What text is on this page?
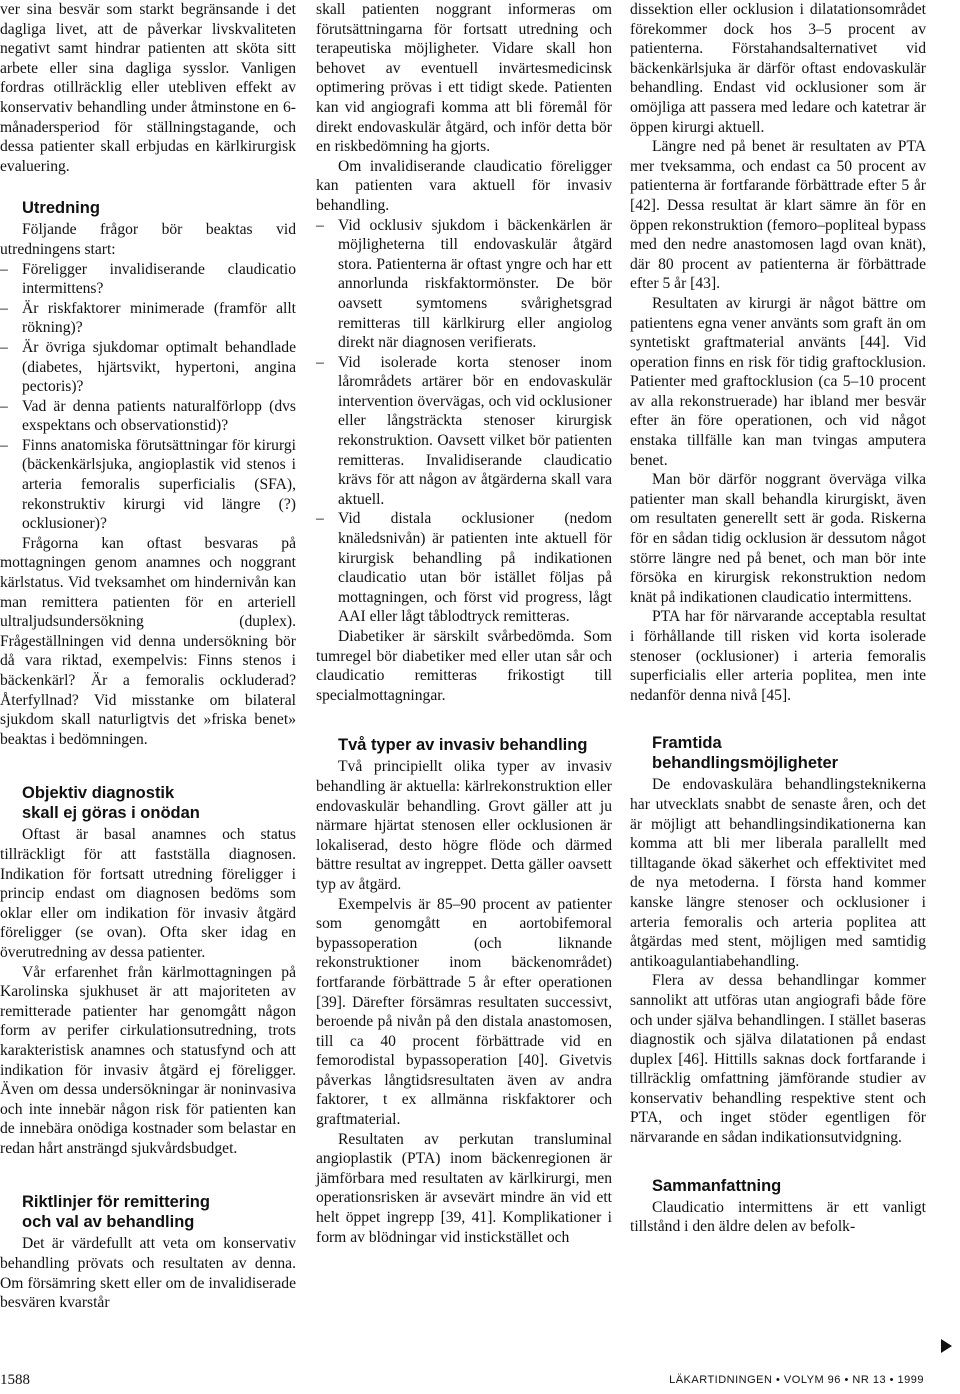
ver sina besvär som starkt begränsande i det dagliga livet, att de påverkar livskvaliteten negativt samt hindrar patienten att sköta sitt arbete eller sina dagliga sysslor. Vanligen fordras otillräcklig eller utebliven effekt av konservativ behandling under åtminstone en 6-månadersperiod för ställningstagande, och dessa patienter skall erbjudas en kärlkirurgisk evaluering.

Utredning

Följande frågor bör beaktas vid utredningens start:

– Föreligger invalidiserande claudicatio intermittens?
– Är riskfaktorer minimerade (framför allt rökning)?
– Är övriga sjukdomar optimalt behandlade (diabetes, hjärtsvikt, hypertoni, angina pectoris)?
– Vad är denna patients naturalförlopp (dvs exspektans och observationstid)?
– Finns anatomiska förutsättningar för kirurgi (bäckenkärlsjuka, angioplastik vid stenos i arteria femoralis superficialis (SFA), rekonstruktiv kirurgi vid längre (?) ocklusioner)?

Frågorna kan oftast besvaras på mottagningen genom anamnes och noggrant kärlstatus. Vid tveksamhet om hindernivån kan man remittera patienten för en arteriell ultraljudsundersökning (duplex). Frågeställningen vid denna undersökning bör då vara riktad, exempelvis: Finns stenos i bäckenkärl? Är a femoralis ockluderad? Återfyllnad? Vid misstanke om bilateral sjukdom skall naturligtvis det »friska benet» beaktas i bedömningen.

Objektiv diagnostik
skall ej göras i onödan

Oftast är basal anamnes och status tillräckligt för att fastställa diagnosen. Indikation för fortsatt utredning föreligger i princip endast om diagnosen bedöms som oklar eller om indikation för invasiv åtgärd föreligger (se ovan). Ofta sker idag en överutredning av dessa patienter.

Vår erfarenhet från kärlmottagningen på Karolinska sjukhuset är att majoriteten av remitterade patienter har genomgått någon form av perifer cirkulationsutredning, trots karakteristisk anamnes och statusfynd och att indikation för invasiv åtgärd ej föreligger. Även om dessa undersökningar är noninvasiva och inte innebär någon risk för patienten kan de innebära onödiga kostnader som belastar en redan hårt ansträngd sjukvårdsbudget.

Riktlinjer för remittering
och val av behandling

Det är värdefullt att veta om konservativ behandling prövats och resultaten av denna. Om försämring skett eller om de invalidiserade besvären kvarstår

skall patienten noggrant informeras om förutsättningarna för fortsatt utredning och terapeutiska möjligheter. Vidare skall hon behovet av eventuell invärtesmedicinsk optimering prövas i ett tidigt skede. Patienten kan vid angiografi komma att bli föremål för direkt endovaskulär åtgärd, och inför detta bör en riskbedömning ha gjorts.

Om invalidiserande claudicatio föreligger kan patienten vara aktuell för invasiv behandling.

– Vid ocklusiv sjukdom i bäckenkärlen är möjligheterna till endovaskulär åtgärd stora. Patienterna är oftast yngre och har ett annorlunda riskfaktormönster. De bör oavsett symtomens svårighetsgrad remitteras till kärlkirurg eller angiolog direkt när diagnosen verifierats.
– Vid isolerade korta stenoser inom lårområdets artärer bör en endovaskulär intervention övervägas, och vid ocklusioner eller långsträckta stenoser kirurgisk rekonstruktion. Oavsett vilket bör patienten remitteras. Invalidiserande claudicatio krävs för att någon av åtgärderna skall vara aktuell.
– Vid distala ocklusioner (nedom knäledsnivån) är patienten inte aktuell för kirurgisk behandling på indikationen claudicatio utan bör istället följas på mottagningen, och först vid progress, lågt AAI eller lågt tåblodtryck remitteras.

Diabetiker är särskilt svårbedömda. Som tumregel bör diabetiker med eller utan sår och claudicatio remitteras frikostigt till specialmottagningar.

Två typer av invasiv behandling

Två principiellt olika typer av invasiv behandling är aktuella: kärlrekonstruktion eller endovaskulär behandling. Grovt gäller att ju närmare hjärtat stenosen eller ocklusionen är lokaliserad, desto högre flöde och därmed bättre resultat av ingreppet. Detta gäller oavsett typ av åtgärd.

Exempelvis är 85–90 procent av patienter som genomgått en aortobifemoral bypassoperation (och liknande rekonstruktioner inom bäckenområdet) fortfarande förbättrade 5 år efter operationen [39]. Därefter försämras resultaten successivt, beroende på nivån på den distala anastomosen, till ca 40 procent förbättrade vid en femorodistal bypassoperation [40]. Givetvis påverkas långtidsresultaten även av andra faktorer, t ex allmänna riskfaktorer och graftmaterial.

Resultaten av perkutan transluminal angioplastik (PTA) inom bäckenregionen är jämförbara med resultaten av kärlkirurgi, men operationsrisken är avsevärt mindre än vid ett helt öppet ingrepp [39, 41]. Komplikationer i form av blödningar vid instickstället och

dissektion eller ocklusion i dilatationsområdet förekommer dock hos 3–5 procent av patienterna. Förstahandsalternativet vid bäckenkärlsjuka är därför oftast endovaskulär behandling. Endast vid ocklusioner som är omöjliga att passera med ledare och katetrar är öppen kirurgi aktuell.

Längre ned på benet är resultaten av PTA mer tveksamma, och endast ca 50 procent av patienterna är fortfarande förbättrade efter 5 år [42]. Dessa resultat är klart sämre än för en öppen rekonstruktion (femoro–popliteal bypass med den nedre anastomosen lagd ovan knät), där 80 procent av patienterna är förbättrade efter 5 år [43].

Resultaten av kirurgi är något bättre om patientens egna vener använts som graft än om syntetiskt graftmaterial använts [44]. Vid operation finns en risk för tidig graftocklusion. Patienter med graftocklusion (ca 5–10 procent av alla rekonstruerade) har ibland mer besvär efter än före operationen, och vid något enstaka tillfälle kan man tvingas amputera benet.

Man bör därför noggrant överväga vilka patienter man skall behandla kirurgiskt, även om resultaten generellt sett är goda. Riskerna för en sådan tidig ocklusion är dessutom något större längre ned på benet, och man bör inte försöka en kirurgisk rekonstruktion nedom knät på indikationen claudicatio intermittens.

PTA har för närvarande acceptabla resultat i förhållande till risken vid korta isolerade stenoser (ocklusioner) i arteria femoralis superficialis eller arteria poplitea, men inte nedanför denna nivå [45].

Framtida
behandlingsmöjligheter

De endovaskulära behandlingsteknikerna har utvecklats snabbt de senaste åren, och det är möjligt att behandlingsindikationerna kan komma att bli mer liberala parallellt med tilltagande ökad säkerhet och effektivitet med de nya metoderna. I första hand kommer kanske längre stenoser och ocklusioner i arteria femoralis och arteria poplitea att åtgärdas med stent, möjligen med samtidig antikoagulantiabehandling.

Flera av dessa behandlingar kommer sannolikt att utföras utan angiografi både före och under själva behandlingen. I stället baseras diagnostik och själva dilatationen på endast duplex [46]. Hittills saknas dock fortfarande i tillräcklig omfattning jämförande studier av konservativ behandling respektive stent och PTA, och inget stöder egentligen för närvarande en sådan indikationsutvidgning.

Sammanfattning

Claudicatio intermittens är ett vanligt tillstånd i den äldre delen av befolk-

1588	LÄKARTIDNINGEN • VOLYM 96 • NR 13 • 1999
